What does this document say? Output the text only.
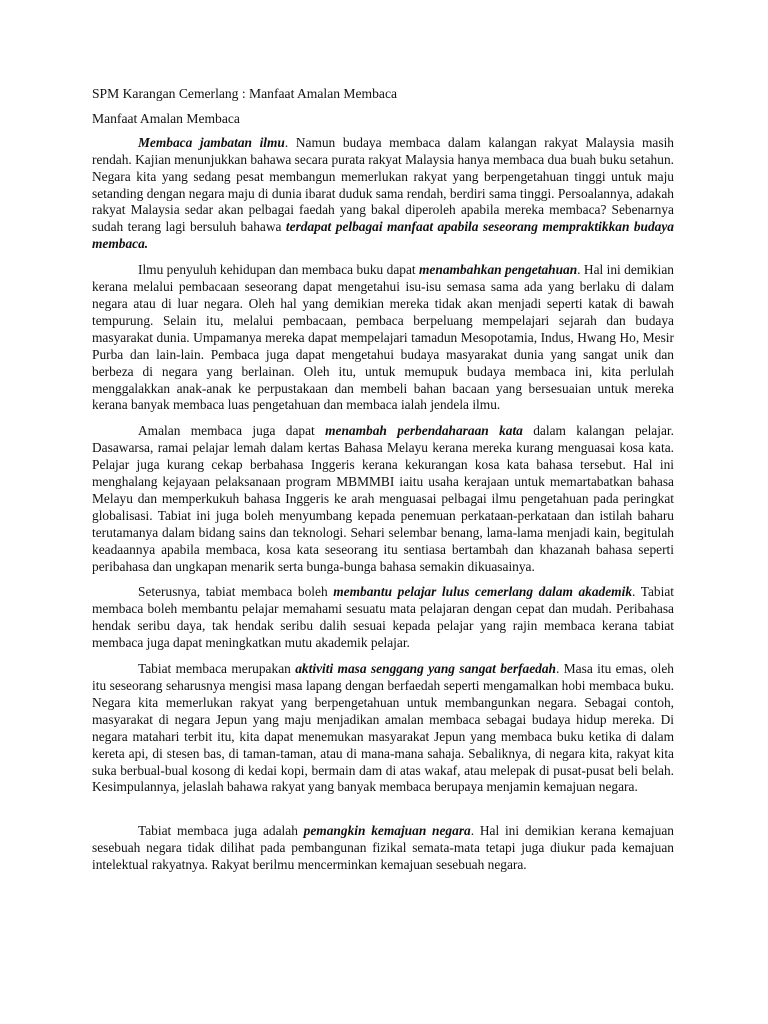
SPM Karangan Cemerlang : Manfaat Amalan Membaca

Manfaat Amalan Membaca

Membaca jambatan ilmu. Namun budaya membaca dalam kalangan rakyat Malaysia masih rendah. Kajian menunjukkan bahawa secara purata rakyat Malaysia hanya membaca dua buah buku setahun. Negara kita yang sedang pesat membangun memerlukan rakyat yang berpengetahuan tinggi untuk maju setanding dengan negara maju di dunia ibarat duduk sama rendah, berdiri sama tinggi. Persoalannya, adakah rakyat Malaysia sedar akan pelbagai faedah yang bakal diperoleh apabila mereka membaca? Sebenarnya sudah terang lagi bersuluh bahawa terdapat pelbagai manfaat apabila seseorang mempraktikkan budaya membaca.

Ilmu penyuluh kehidupan dan membaca buku dapat menambahkan pengetahuan. Hal ini demikian kerana melalui pembacaan seseorang dapat mengetahui isu-isu semasa sama ada yang berlaku di dalam negara atau di luar negara. Oleh hal yang demikian mereka tidak akan menjadi seperti katak di bawah tempurung. Selain itu, melalui pembacaan, pembaca berpeluang mempelajari sejarah dan budaya masyarakat dunia. Umpamanya mereka dapat mempelajari tamadun Mesopotamia, Indus, Hwang Ho, Mesir Purba dan lain-lain. Pembaca juga dapat mengetahui budaya masyarakat dunia yang sangat unik dan berbeza di negara yang berlainan. Oleh itu, untuk memupuk budaya membaca ini, kita perlulah menggalakkan anak-anak ke perpustakaan dan membeli bahan bacaan yang bersesuaian untuk mereka kerana banyak membaca luas pengetahuan dan membaca ialah jendela ilmu.

Amalan membaca juga dapat menambah perbendaharaan kata dalam kalangan pelajar. Dasawarsa, ramai pelajar lemah dalam kertas Bahasa Melayu kerana mereka kurang menguasai kosa kata. Pelajar juga kurang cekap berbahasa Inggeris kerana kekurangan kosa kata bahasa tersebut. Hal ini menghalang kejayaan pelaksanaan program MBMMBI iaitu usaha kerajaan untuk memartabatkan bahasa Melayu dan memperkukuh bahasa Inggeris ke arah menguasai pelbagai ilmu pengetahuan pada peringkat globalisasi. Tabiat ini juga boleh menyumbang kepada penemuan perkataan-perkataan dan istilah baharu terutamanya dalam bidang sains dan teknologi. Sehari selembar benang, lama-lama menjadi kain, begitulah keadaannya apabila membaca, kosa kata seseorang itu sentiasa bertambah dan khazanah bahasa seperti peribahasa dan ungkapan menarik serta bunga-bunga bahasa semakin dikuasainya.

Seterusnya, tabiat membaca boleh membantu pelajar lulus cemerlang dalam akademik. Tabiat membaca boleh membantu pelajar memahami sesuatu mata pelajaran dengan cepat dan mudah. Peribahasa hendak seribu daya, tak hendak seribu dalih sesuai kepada pelajar yang rajin membaca kerana tabiat membaca juga dapat meningkatkan mutu akademik pelajar.

Tabiat membaca merupakan aktiviti masa senggang yang sangat berfaedah. Masa itu emas, oleh itu seseorang seharusnya mengisi masa lapang dengan berfaedah seperti mengamalkan hobi membaca buku. Negara kita memerlukan rakyat yang berpengetahuan untuk membangunkan negara. Sebagai contoh, masyarakat di negara Jepun yang maju menjadikan amalan membaca sebagai budaya hidup mereka. Di negara matahari terbit itu, kita dapat menemukan masyarakat Jepun yang membaca buku ketika di dalam kereta api, di stesen bas, di taman-taman, atau di mana-mana sahaja. Sebaliknya, di negara kita, rakyat kita suka berbual-bual kosong di kedai kopi, bermain dam di atas wakaf, atau melepak di pusat-pusat beli belah. Kesimpulannya, jelaslah bahawa rakyat yang banyak membaca berupaya menjamin kemajuan negara.

Tabiat membaca juga adalah pemangkin kemajuan negara. Hal ini demikian kerana kemajuan sesebuah negara tidak dilihat pada pembangunan fizikal semata-mata tetapi juga diukur pada kemajuan intelektual rakyatnya. Rakyat berilmu mencerminkan kemajuan sesebuah negara.
